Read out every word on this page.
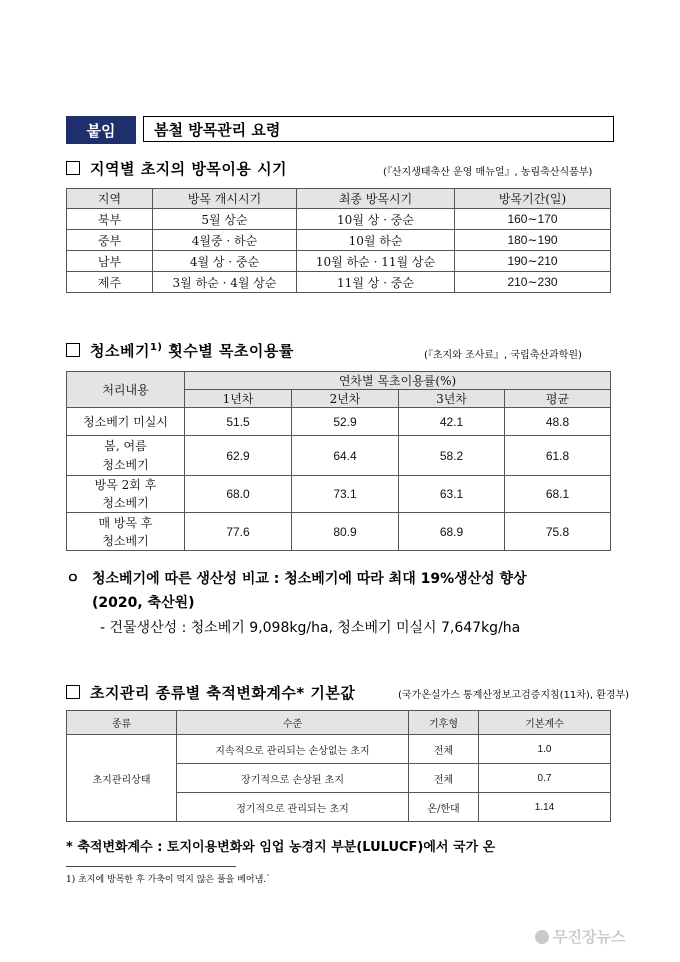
붙임	봄철 방목관리 요령
지역별 초지의 방목이용 시기	(『산지생태축산 운영 매뉴얼』, 농림축산식품부)
지역	방목 개시시기	최종 방목시기	방목기간(일)
북부	5월 상순	10월 상 · 중순	160∼170
중부	4월중 · 하순	10월 하순	180∼190
남부	4월 상 · 중순	10월 하순 · 11월 상순	190∼210
제주	3월 하순 · 4월 상순	11월 상 · 중순	210∼230
청소베기$^{1)}$ 횟수별 목초이용률	(『초지와 조사료』, 국립축산과학원)
처리내용	연차별 목초이용률(%)			
	1년차	2년차	3년차	평균
청소베기 미실시	51.5	52.9	42.1	48.8
봄, 여름
청소베기	62.9	64.4	58.2	61.8
방목 2회 후
청소베기	68.0	73.1	63.1	68.1
매 방목 후
청소베기	77.6	80.9	68.9	75.8
ㅇ 청소베기에 따른 생산성 비교 : 청소베기에 따라 최대 19%생산성 향상
(2020, 축산원)
- 건물생산성 : 청소베기 9,098kg/ha, 청소베기 미실시 7,647kg/ha
초지관리 종류별 축적변화계수* 기본값	(국가온실가스 통계산정보고검증지침(11차), 환경부)
종류	수준	기후형	기본계수
초지관리상태	지속적으로 관리되는 손상없는 초지	전체	1.0
	장기적으로 손상된 초지	전체	0.7
	정기적으로 관리되는 초지	온/한대	1.14
* 축적변화계수 : 토지이용변화와 임업 농경지 부분(LULUCF)에서 국가 온
1) 초지에 방목한 후 가축이 먹지 않은 풀을 베어냄.`
무진장뉴스
